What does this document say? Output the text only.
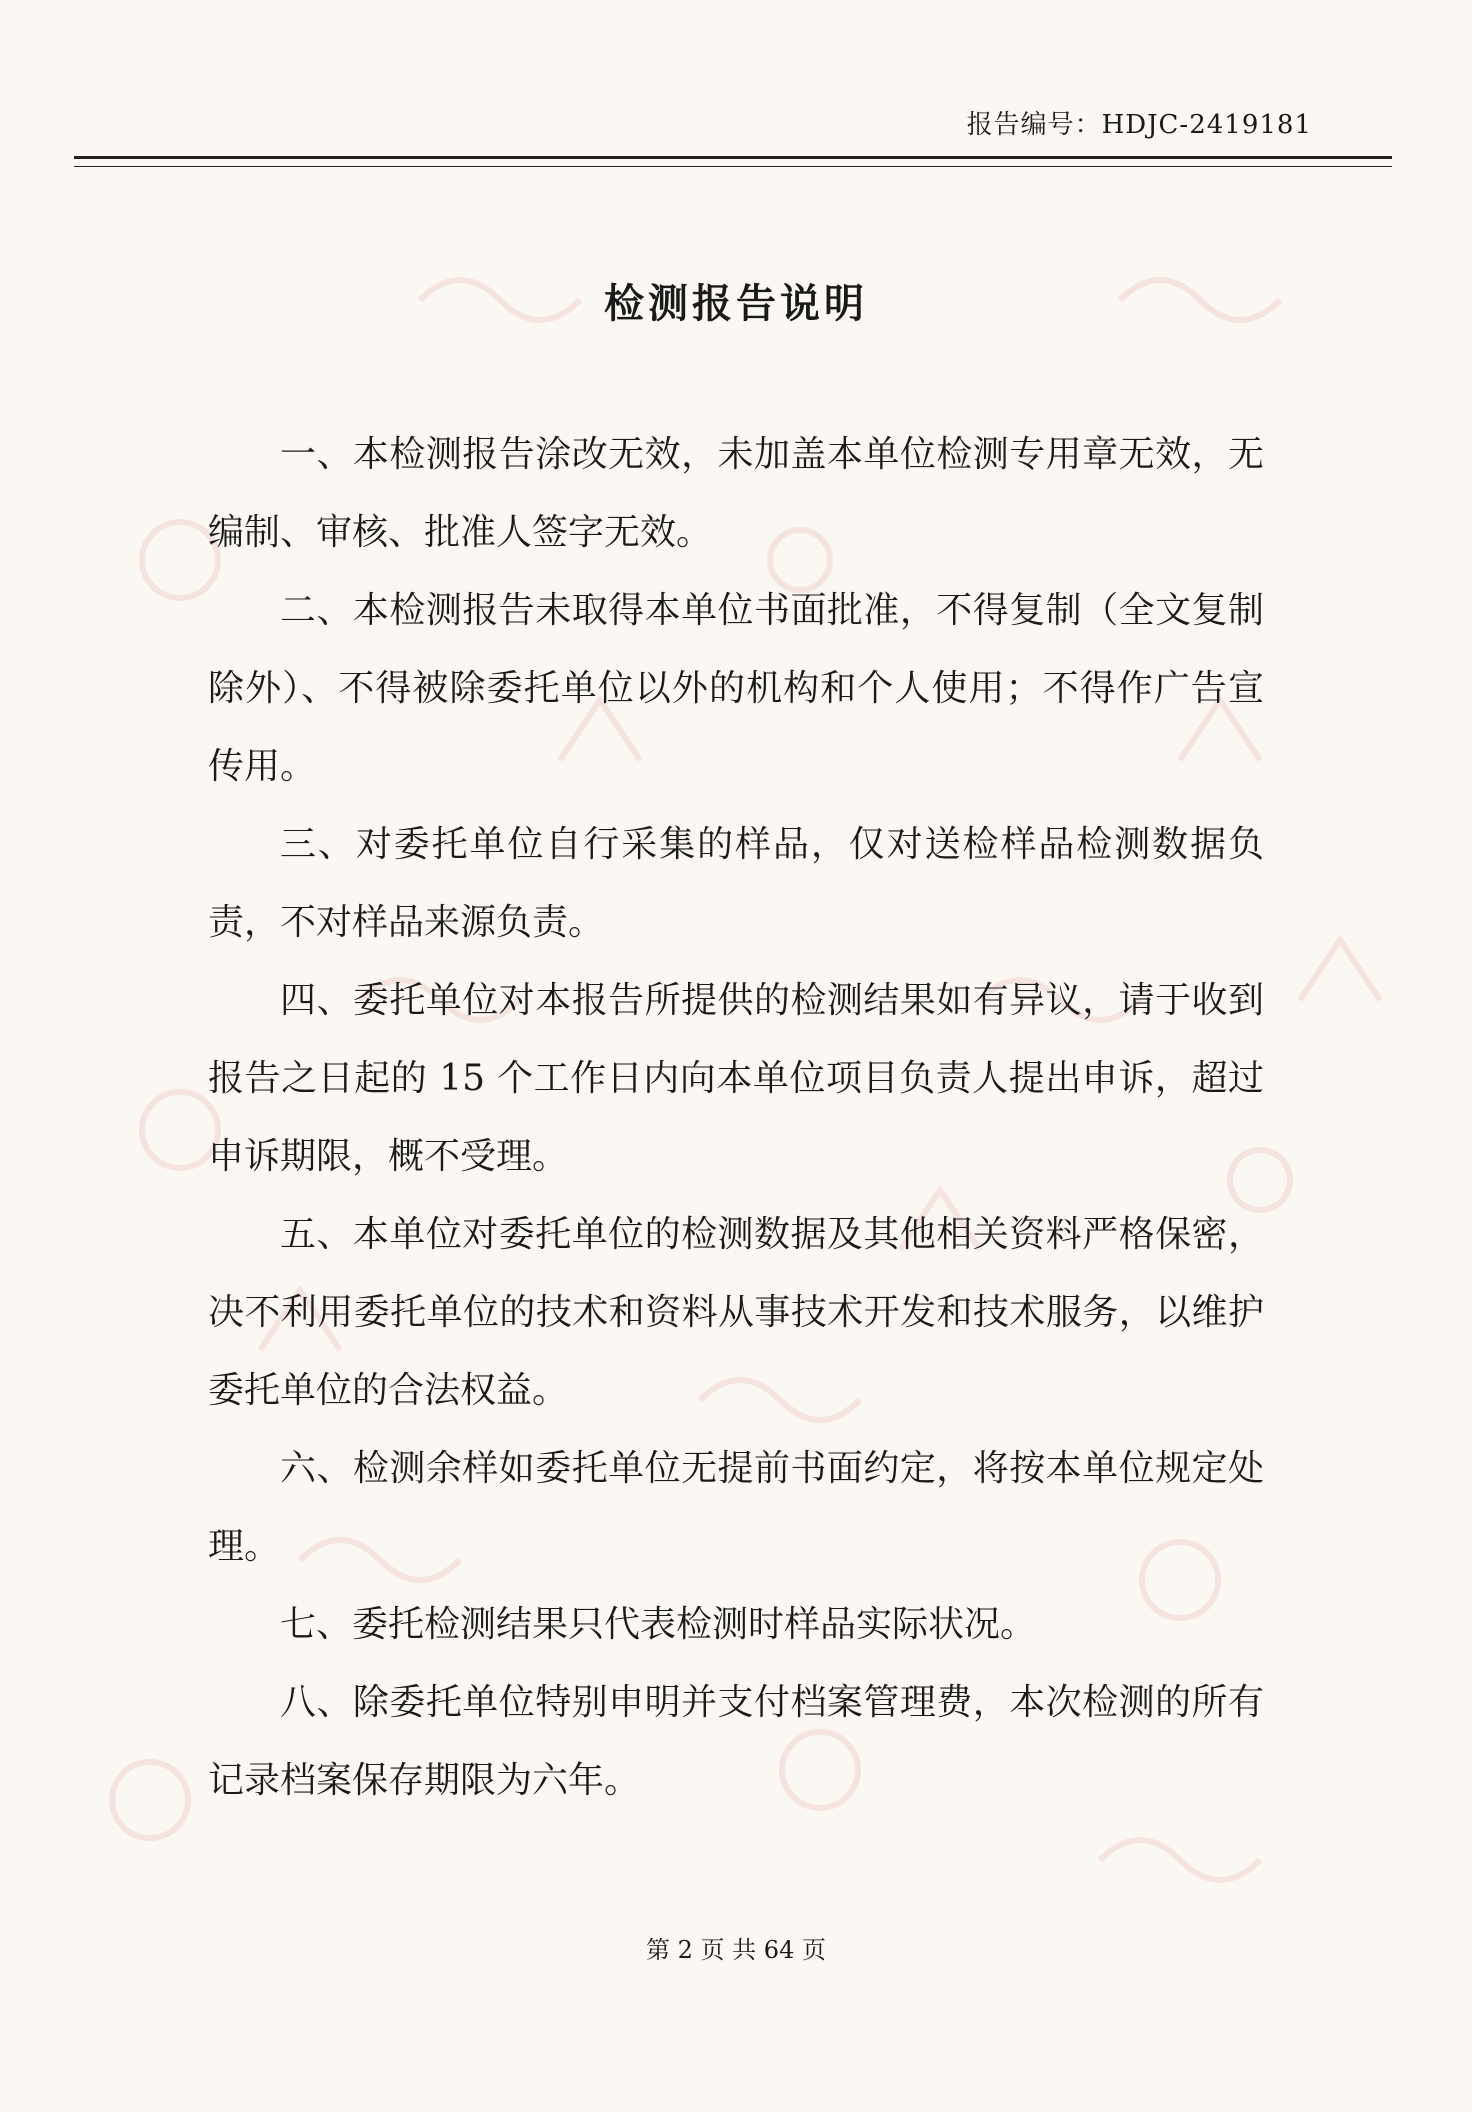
报告编号：HDJC-2419181
检测报告说明

一、本检测报告涂改无效，未加盖本单位检测专用章无效，无编制、审核、批准人签字无效。

二、本检测报告未取得本单位书面批准，不得复制（全文复制除外）、不得被除委托单位以外的机构和个人使用；不得作广告宣传用。

三、对委托单位自行采集的样品，仅对送检样品检测数据负责，不对样品来源负责。

四、委托单位对本报告所提供的检测结果如有异议，请于收到报告之日起的 15 个工作日内向本单位项目负责人提出申诉，超过申诉期限，概不受理。

五、本单位对委托单位的检测数据及其他相关资料严格保密，决不利用委托单位的技术和资料从事技术开发和技术服务，以维护委托单位的合法权益。

六、检测余样如委托单位无提前书面约定，将按本单位规定处理。

七、委托检测结果只代表检测时样品实际状况。

八、除委托单位特别申明并支付档案管理费，本次检测的所有记录档案保存期限为六年。

第 2 页 共 64 页
